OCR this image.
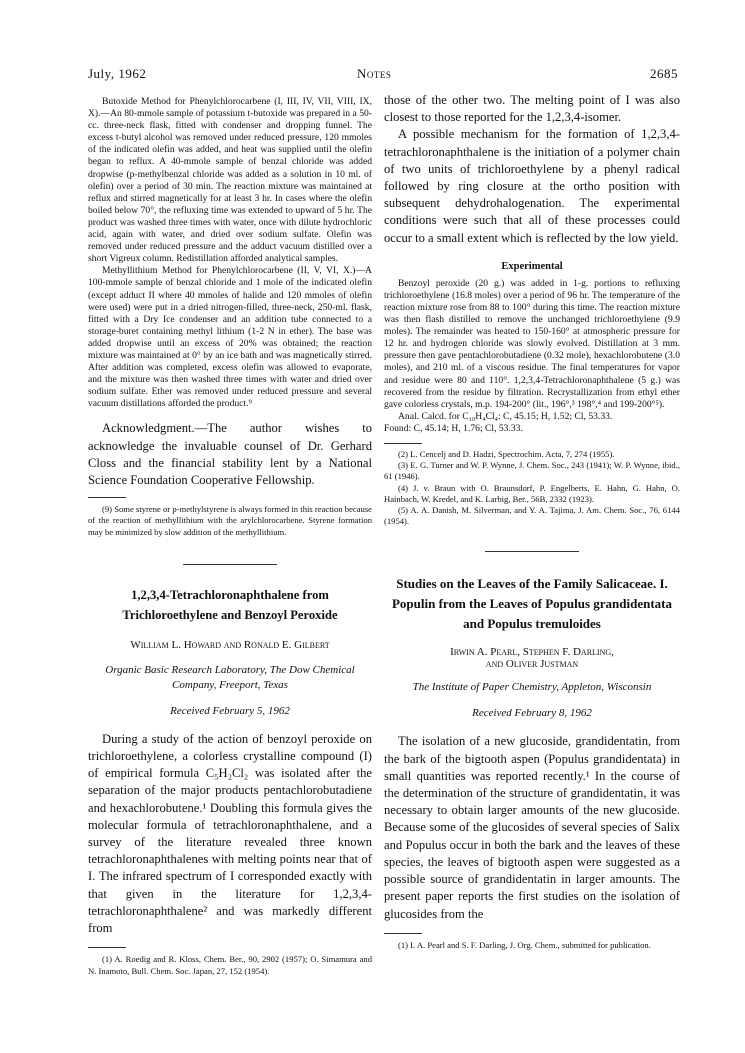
July, 1962	Notes	2685

Butoxide Method for Phenylchlorocarbene (I, III, IV, VII, VIII, IX, X).—An 80-mmole sample of potassium t-butoxide was prepared in a 50-cc. three-neck flask, fitted with condenser and dropping funnel. The excess t-butyl alcohol was removed under reduced pressure, 120 mmoles of the indicated olefin was added, and heat was supplied until the olefin began to reflux. A 40-mmole sample of benzal chloride was added dropwise (p-methylbenzal chloride was added as a solution in 10 ml. of olefin) over a period of 30 min. The reaction mixture was maintained at reflux and stirred magnetically for at least 3 hr. In cases where the olefin boiled below 70°, the refluxing time was extended to upward of 5 hr. The product was washed three times with water, once with dilute hydrochloric acid, again with water, and dried over sodium sulfate. Olefin was removed under reduced pressure and the adduct vacuum distilled over a short Vigreux column. Redistillation afforded analytical samples.

Methyllithium Method for Phenylchlorocarbene (II, V, VI, X.)—A 100-mmole sample of benzal chloride and 1 mole of the indicated olefin (except adduct II where 40 mmoles of halide and 120 mmoles of olefin were used) were put in a dried nitrogen-filled, three-neck, 250-ml. flask, fitted with a Dry Ice condenser and an addition tube connected to a storage-buret containing methyl lithium (1-2 N in ether). The base was added dropwise until an excess of 20% was obtained; the reaction mixture was maintained at 0° by an ice bath and was magnetically stirred. After addition was completed, excess olefin was allowed to evaporate, and the mixture was then washed three times with water and dried over sodium sulfate. Ether was removed under reduced pressure and several vacuum distillations afforded the product.⁹

Acknowledgment.—The author wishes to acknowledge the invaluable counsel of Dr. Gerhard Closs and the financial stability lent by a National Science Foundation Cooperative Fellowship.

(9) Some styrene or p-methylstyrene is always formed in this reaction because of the reaction of methyllithium with the arylchlorocarbene. Styrene formation may be minimized by slow addition of the methyllithium.

1,2,3,4-Tetrachloronaphthalene from Trichloroethylene and Benzoyl Peroxide

William L. Howard and Ronald E. Gilbert

Organic Basic Research Laboratory, The Dow Chemical Company, Freeport, Texas

Received February 5, 1962

During a study of the action of benzoyl peroxide on trichloroethylene, a colorless crystalline compound (I) of empirical formula C₅H₂Cl₂ was isolated after the separation of the major products pentachlorobutadiene and hexachlorobutene.¹ Doubling this formula gives the molecular formula of tetrachloronaphthalene, and a survey of the literature revealed three known tetrachloronaphthalenes with melting points near that of I. The infrared spectrum of I corresponded exactly with that given in the literature for 1,2,3,4-tetrachloronaphthalene² and was markedly different from

(1) A. Roedig and R. Kloss, Chem. Ber., 90, 2902 (1957); O. Simamura and N. Inamoto, Bull. Chem. Soc. Japan, 27, 152 (1954).

those of the other two. The melting point of I was also closest to those reported for the 1,2,3,4-isomer.

A possible mechanism for the formation of 1,2,3,4-tetrachloronaphthalene is the initiation of a polymer chain of two units of trichloroethylene by a phenyl radical followed by ring closure at the ortho position with subsequent dehydrohalogenation. The experimental conditions were such that all of these processes could occur to a small extent which is reflected by the low yield.

Experimental

Benzoyl peroxide (20 g.) was added in 1-g. portions to refluxing trichloroethylene (16.8 moles) over a period of 96 hr. The temperature of the reaction mixture rose from 88 to 100° during this time. The reaction mixture was then flash distilled to remove the unchanged trichloroethylene (9.9 moles). The remainder was heated to 150-160° at atmospheric pressure for 12 hr. and hydrogen chloride was slowly evolved. Distillation at 3 mm. pressure then gave pentachlorobutadiene (0.32 mole), hexachlorobutene (3.0 moles), and 210 ml. of a viscous residue. The final temperatures for vapor and residue were 80 and 110°. 1,2,3,4-Tetrachloronaphthalene (5 g.) was recovered from the residue by filtration. Recrystallization from ethyl ether gave colorless crystals, m.p. 194-200° (lit., 196°,³ 198°,⁴ and 199-200°⁵).

Anal. Calcd. for C₁₀H₄Cl₄: C, 45.15; H, 1.52; Cl, 53.33.

Found: C, 45.14; H, 1.76; Cl, 53.33.

(2) L. Cencelj and D. Hadzi, Spectrochim. Acta, 7, 274 (1955).

(3) E. G. Turner and W. P. Wynne, J. Chem. Soc., 243 (1941); W. P. Wynne, ibid., 61 (1946).

(4) J. v. Braun with O. Braunsdorf, P. Engelberts, E. Hahn, G. Hahn, O. Hainbach, W. Kredel, and K. Larbig, Ber., 56B, 2332 (1923).

(5) A. A. Danish, M. Silverman, and Y. A. Tajima, J. Am. Chem. Soc., 76, 6144 (1954).

Studies on the Leaves of the Family Salicaceae. I. Populin from the Leaves of Populus grandidentata and Populus tremuloides

Irwin A. Pearl, Stephen F. Darling,

and Oliver Justman

The Institute of Paper Chemistry, Appleton, Wisconsin

Received February 8, 1962

The isolation of a new glucoside, grandidentatin, from the bark of the bigtooth aspen (Populus grandidentata) in small quantities was reported recently.¹ In the course of the determination of the structure of grandidentatin, it was necessary to obtain larger amounts of the new glucoside. Because some of the glucosides of several species of Salix and Populus occur in both the bark and the leaves of these species, the leaves of bigtooth aspen were suggested as a possible source of grandidentatin in larger amounts. The present paper reports the first studies on the isolation of glucosides from the

(1) I. A. Pearl and S. F. Darling, J. Org. Chem., submitted for publication.
